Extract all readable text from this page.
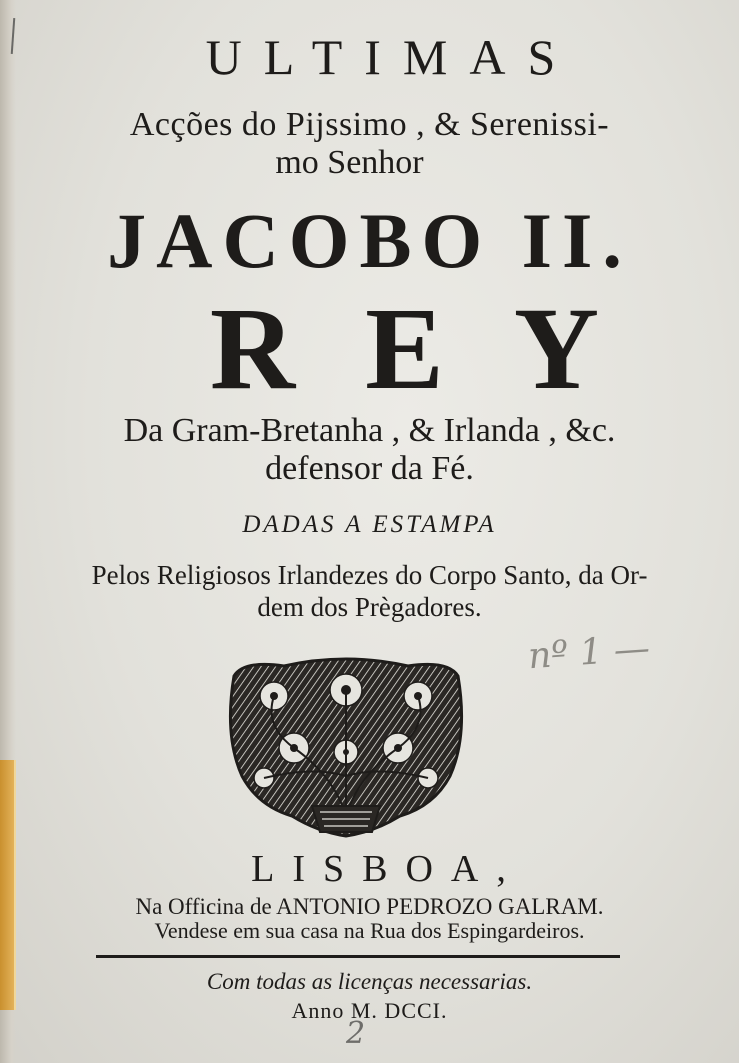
ULTIMAS
Acções do Pijssimo , & Serenissi-
mo Senhor
JACOBO II.
REY
Da Gram-Bretanha , & Irlanda , &c.
defensor da Fé.
DADAS A ESTAMPA
Pelos Religiosos Irlandezes do Corpo Santo, da Or-
dem dos Prègadores.
nº 1 —
LISBOA,
Na Officina de ANTONIO PEDROZO GALRAM.
Vendese em sua casa na Rua dos Espingardeiros.
Com todas as licenças necessarias.
Anno M. DCCI.
2
